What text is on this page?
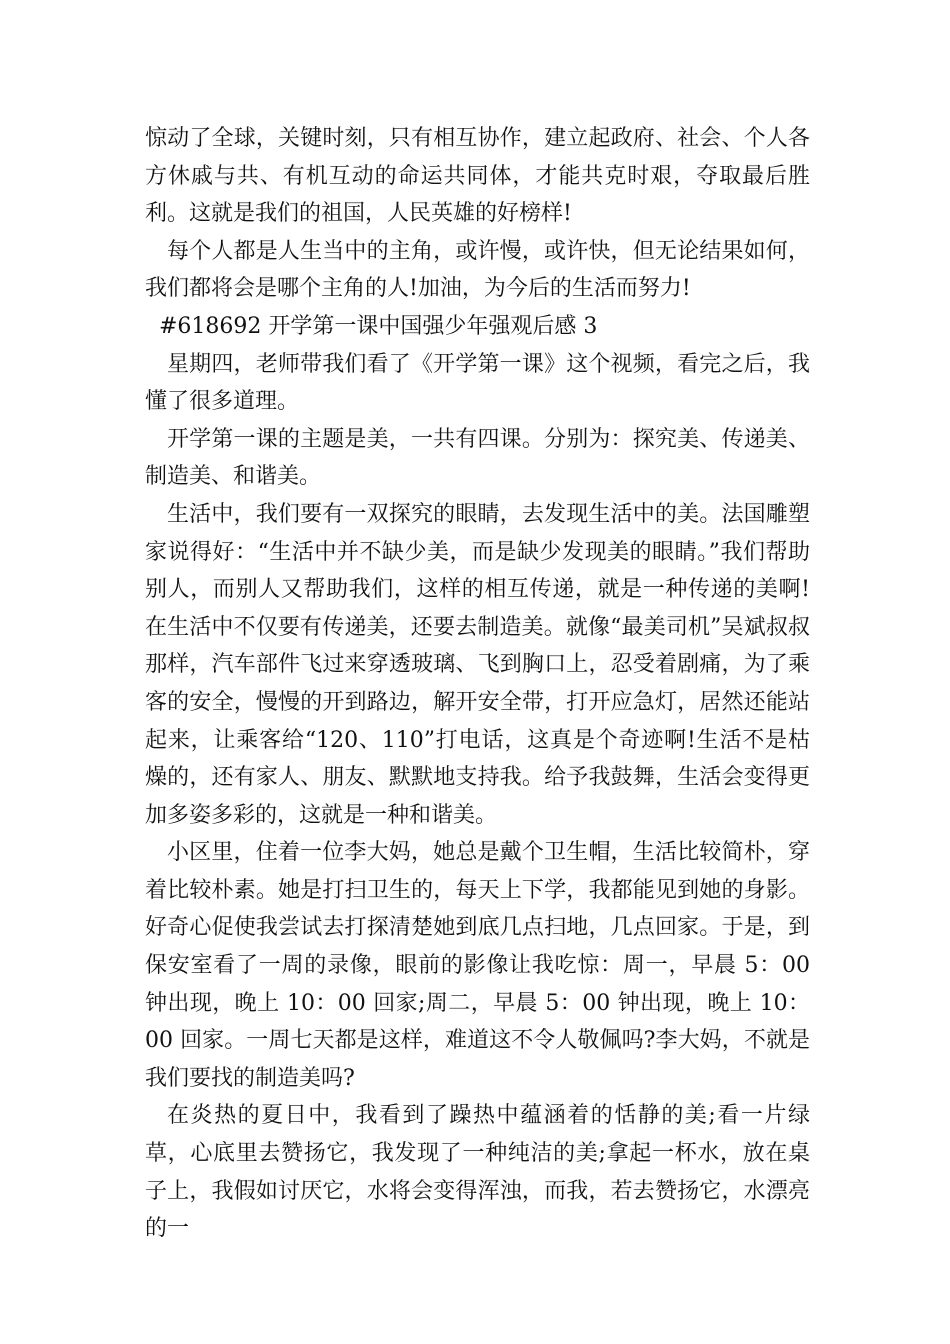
惊动了全球，关键时刻，只有相互协作，建立起政府、社会、个人各方休戚与共、有机互动的命运共同体，才能共克时艰，夺取最后胜利。这就是我们的祖国，人民英雄的好榜样!

每个人都是人生当中的主角，或许慢，或许快，但无论结果如何，我们都将会是哪个主角的人!加油，为今后的生活而努力!

#618692 开学第一课中国强少年强观后感 3

星期四，老师带我们看了《开学第一课》这个视频，看完之后，我懂了很多道理。

开学第一课的主题是美，一共有四课。分别为：探究美、传递美、制造美、和谐美。

生活中，我们要有一双探究的眼睛，去发现生活中的美。法国雕塑家说得好：“生活中并不缺少美，而是缺少发现美的眼睛。”我们帮助别人，而别人又帮助我们，这样的相互传递，就是一种传递的美啊!在生活中不仅要有传递美，还要去制造美。就像“最美司机”吴斌叔叔那样，汽车部件飞过来穿透玻璃、飞到胸口上，忍受着剧痛，为了乘客的安全，慢慢的开到路边，解开安全带，打开应急灯，居然还能站起来，让乘客给“120、110”打电话，这真是个奇迹啊!生活不是枯燥的，还有家人、朋友、默默地支持我。给予我鼓舞，生活会变得更加多姿多彩的，这就是一种和谐美。

小区里，住着一位李大妈，她总是戴个卫生帽，生活比较简朴，穿着比较朴素。她是打扫卫生的，每天上下学，我都能见到她的身影。好奇心促使我尝试去打探清楚她到底几点扫地，几点回家。于是，到保安室看了一周的录像，眼前的影像让我吃惊：周一，早晨 5：00 钟出现，晚上 10：00 回家;周二，早晨 5：00 钟出现，晚上 10：00 回家。一周七天都是这样，难道这不令人敬佩吗?李大妈，不就是我们要找的制造美吗?

在炎热的夏日中，我看到了躁热中蕴涵着的恬静的美;看一片绿草，心底里去赞扬它，我发现了一种纯洁的美;拿起一杯水，放在桌子上，我假如讨厌它，水将会变得浑浊，而我，若去赞扬它，水漂亮的一
